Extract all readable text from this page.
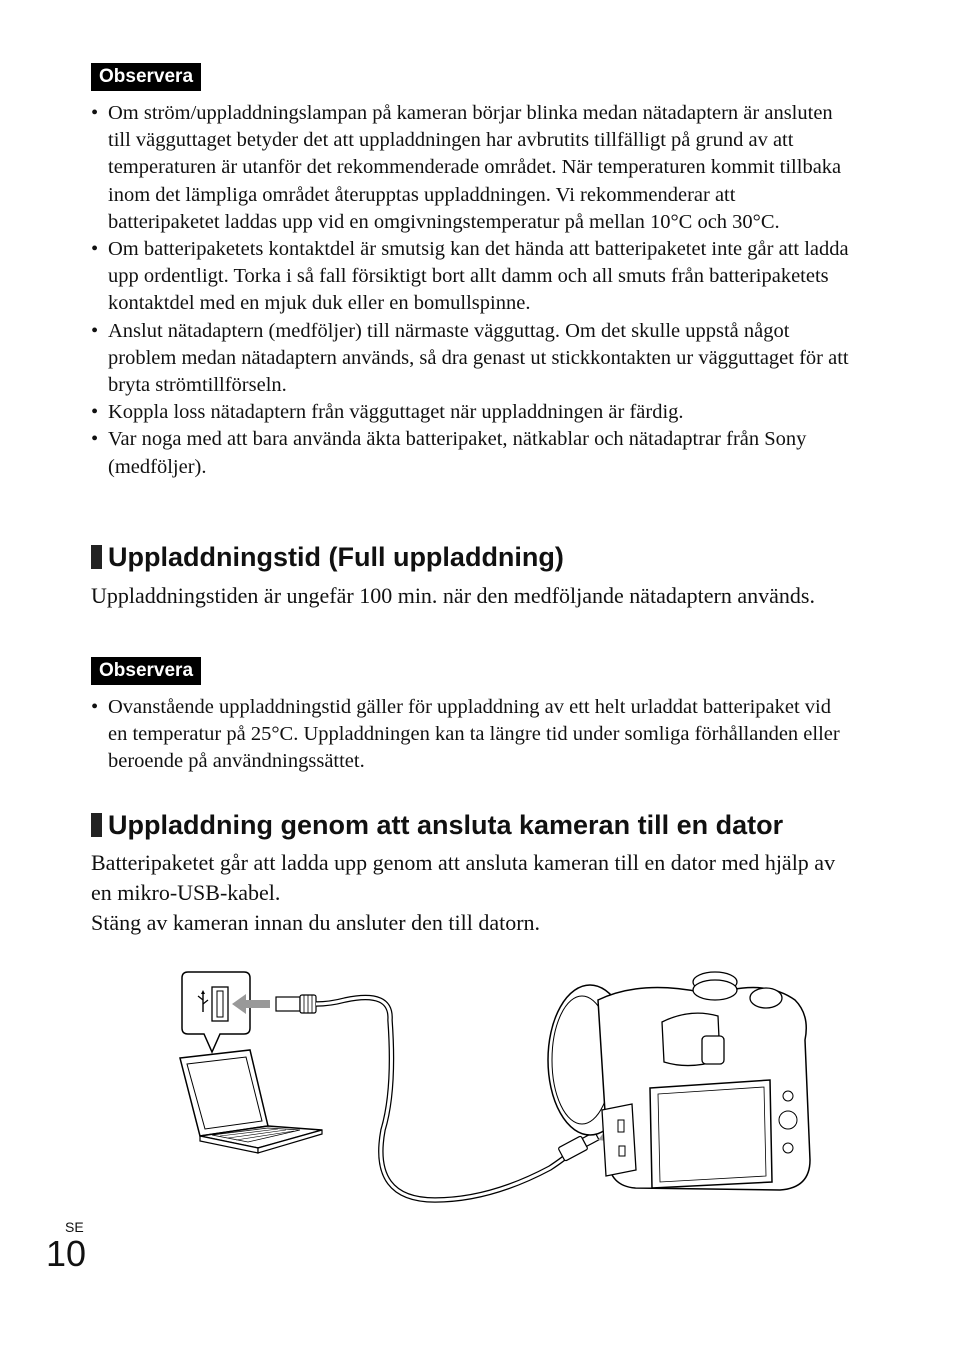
Observera
• Om ström/uppladdningslampan på kameran börjar blinka medan nätadaptern är ansluten till vägguttaget betyder det att uppladdningen har avbrutits tillfälligt på grund av att temperaturen är utanför det rekommenderade området. När temperaturen kommit tillbaka inom det lämpliga området återupptas uppladdningen. Vi rekommenderar att batteripaketet laddas upp vid en omgivningstemperatur på mellan 10°C och 30°C.
• Om batteripaketets kontaktdel är smutsig kan det hända att batteripaketet inte går att ladda upp ordentligt. Torka i så fall försiktigt bort allt damm och all smuts från batteripaketets kontaktdel med en mjuk duk eller en bomullspinne.
• Anslut nätadaptern (medföljer) till närmaste vägguttag. Om det skulle uppstå något problem medan nätadaptern används, så dra genast ut stickkontakten ur vägguttaget för att bryta strömtillförseln.
• Koppla loss nätadaptern från vägguttaget när uppladdningen är färdig.
• Var noga med att bara använda äkta batteripaket, nätkablar och nätadaptrar från Sony (medföljer).
Uppladdningstid (Full uppladdning)

Uppladdningstiden är ungefär 100 min. när den medföljande nätadaptern används.

Observera
• Ovanstående uppladdningstid gäller för uppladdning av ett helt urladdat batteripaket vid en temperatur på 25°C. Uppladdningen kan ta längre tid under somliga förhållanden eller beroende på användningssättet.
Uppladdning genom att ansluta kameran till en dator

Batteripaketet går att ladda upp genom att ansluta kameran till en dator med hjälp av en mikro-USB-kabel.

Stäng av kameran innan du ansluter den till datorn.

SE
10
